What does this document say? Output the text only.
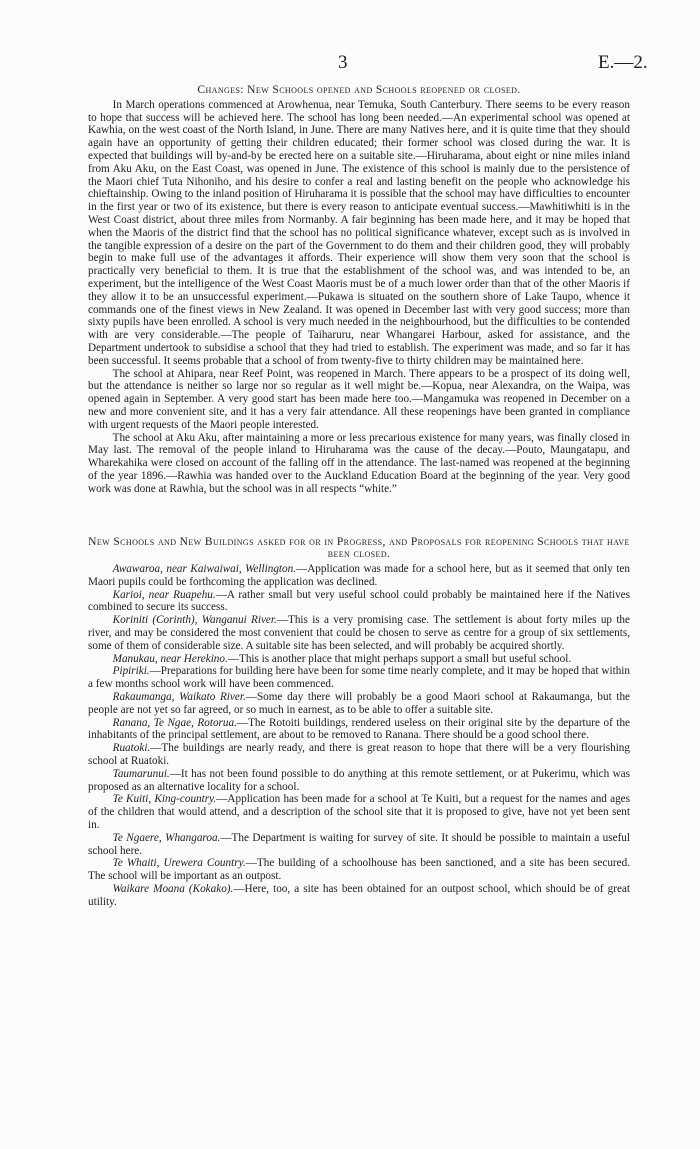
3	E.—2.
Changes: New Schools opened and Schools reopened or closed.

In March operations commenced at Arowhenua, near Temuka, South Canterbury. There seems to be every reason to hope that success will be achieved here. The school has long been needed.—An experimental school was opened at Kawhia, on the west coast of the North Island, in June. There are many Natives here, and it is quite time that they should again have an opportunity of getting their children educated; their former school was closed during the war. It is expected that buildings will by-and-by be erected here on a suitable site.—Hiruharama, about eight or nine miles inland from Aku Aku, on the East Coast, was opened in June. The existence of this school is mainly due to the persistence of the Maori chief Tuta Nihoniho, and his desire to confer a real and lasting benefit on the people who acknowledge his chieftainship. Owing to the inland position of Hiruharama it is possible that the school may have difficulties to encounter in the first year or two of its existence, but there is every reason to anticipate eventual success.—Mawhitiwhiti is in the West Coast district, about three miles from Normanby. A fair beginning has been made here, and it may be hoped that when the Maoris of the district find that the school has no political significance whatever, except such as is involved in the tangible expression of a desire on the part of the Government to do them and their children good, they will probably begin to make full use of the advantages it affords. Their experience will show them very soon that the school is practically very beneficial to them. It is true that the establishment of the school was, and was intended to be, an experiment, but the intelligence of the West Coast Maoris must be of a much lower order than that of the other Maoris if they allow it to be an unsuccessful experiment.—Pukawa is situated on the southern shore of Lake Taupo, whence it commands one of the finest views in New Zealand. It was opened in December last with very good success; more than sixty pupils have been enrolled. A school is very much needed in the neighbourhood, but the difficulties to be contended with are very considerable.—The people of Taiharuru, near Whangarei Harbour, asked for assistance, and the Department undertook to subsidise a school that they had tried to establish. The experiment was made, and so far it has been successful. It seems probable that a school of from twenty-five to thirty children may be maintained here.

The school at Ahipara, near Reef Point, was reopened in March. There appears to be a prospect of its doing well, but the attendance is neither so large nor so regular as it well might be.—Kopua, near Alexandra, on the Waipa, was opened again in September. A very good start has been made here too.—Mangamuka was reopened in December on a new and more convenient site, and it has a very fair attendance. All these reopenings have been granted in compliance with urgent requests of the Maori people interested.

The school at Aku Aku, after maintaining a more or less precarious existence for many years, was finally closed in May last. The removal of the people inland to Hiruharama was the cause of the decay.—Pouto, Maungatapu, and Wharekahika were closed on account of the falling off in the attendance. The last-named was reopened at the beginning of the year 1896.—Rawhia was handed over to the Auckland Education Board at the beginning of the year. Very good work was done at Rawhia, but the school was in all respects “white.”

New Schools and New Buildings asked for or in Progress, and Proposals for reopening Schools that have been closed.

Awawaroa, near Kaiwaiwai, Wellington.—Application was made for a school here, but as it seemed that only ten Maori pupils could be forthcoming the application was declined.

Karioi, near Ruapehu.—A rather small but very useful school could probably be maintained here if the Natives combined to secure its success.

Koriniti (Corinth), Wanganui River.—This is a very promising case. The settlement is about forty miles up the river, and may be considered the most convenient that could be chosen to serve as centre for a group of six settlements, some of them of considerable size. A suitable site has been selected, and will probably be acquired shortly.

Manukau, near Herekino.—This is another place that might perhaps support a small but useful school.

Pipiriki.—Preparations for building here have been for some time nearly complete, and it may be hoped that within a few months school work will have been commenced.

Rakaumanga, Waikato River.—Some day there will probably be a good Maori school at Rakaumanga, but the people are not yet so far agreed, or so much in earnest, as to be able to offer a suitable site.

Ranana, Te Ngae, Rotorua.—The Rotoiti buildings, rendered useless on their original site by the departure of the inhabitants of the principal settlement, are about to be removed to Ranana. There should be a good school there.

Ruatoki.—The buildings are nearly ready, and there is great reason to hope that there will be a very flourishing school at Ruatoki.

Taumarunui.—It has not been found possible to do anything at this remote settlement, or at Pukerimu, which was proposed as an alternative locality for a school.

Te Kuiti, King-country.—Application has been made for a school at Te Kuiti, but a request for the names and ages of the children that would attend, and a description of the school site that it is proposed to give, have not yet been sent in.

Te Ngaere, Whangaroa.—The Department is waiting for survey of site. It should be possible to maintain a useful school here.

Te Whaiti, Urewera Country.—The building of a schoolhouse has been sanctioned, and a site has been secured. The school will be important as an outpost.

Waikare Moana (Kokako).—Here, too, a site has been obtained for an outpost school, which should be of great utility.
